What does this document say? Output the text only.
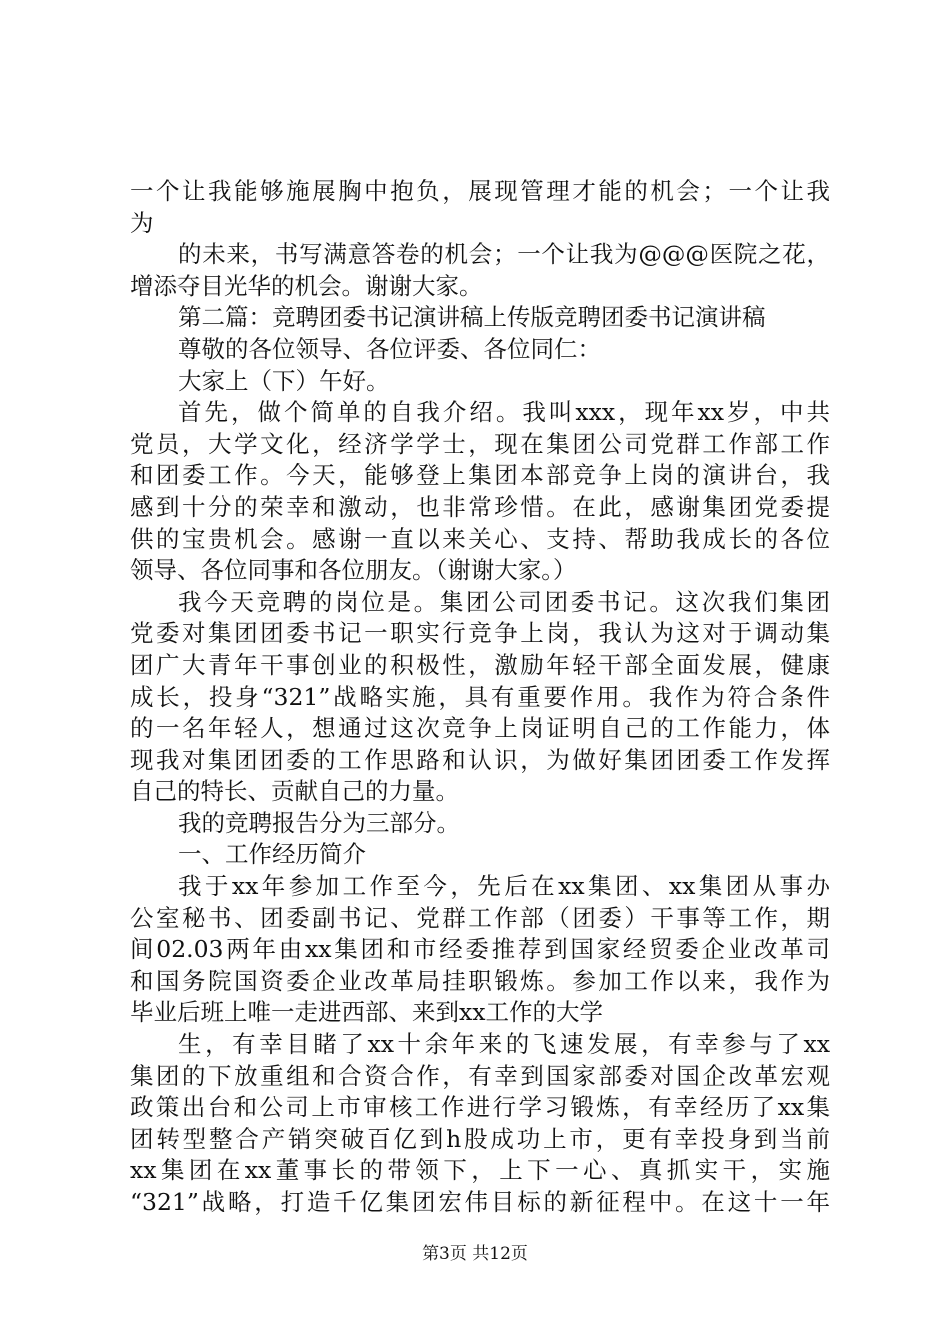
一个让我能够施展胸中抱负，展现管理才能的机会；一个让我
为
的未来，书写满意答卷的机会；一个让我为@@@医院之花，
增添夺目光华的机会。谢谢大家。
第二篇：竞聘团委书记演讲稿上传版竞聘团委书记演讲稿
尊敬的各位领导、各位评委、各位同仁：
大家上（下）午好。
首先，做个简单的自我介绍。我叫xxx，现年xx岁，中共
党员，大学文化，经济学学士，现在集团公司党群工作部工作
和团委工作。今天，能够登上集团本部竞争上岗的演讲台，我
感到十分的荣幸和激动，也非常珍惜。在此，感谢集团党委提
供的宝贵机会。感谢一直以来关心、支持、帮助我成长的各位
领导、各位同事和各位朋友。（谢谢大家。）
我今天竞聘的岗位是。集团公司团委书记。这次我们集团
党委对集团团委书记一职实行竞争上岗，我认为这对于调动集
团广大青年干事创业的积极性，激励年轻干部全面发展，健康
成长，投身“321”战略实施，具有重要作用。我作为符合条件
的一名年轻人，想通过这次竞争上岗证明自己的工作能力，体
现我对集团团委的工作思路和认识，为做好集团团委工作发挥
自己的特长、贡献自己的力量。
我的竞聘报告分为三部分。
一、工作经历简介
我于xx年参加工作至今，先后在xx集团、xx集团从事办
公室秘书、团委副书记、党群工作部（团委）干事等工作，期
间02.03两年由xx集团和市经委推荐到国家经贸委企业改革司
和国务院国资委企业改革局挂职锻炼。参加工作以来，我作为
毕业后班上唯一走进西部、来到xx工作的大学
生，有幸目睹了xx十余年来的飞速发展，有幸参与了xx
集团的下放重组和合资合作，有幸到国家部委对国企改革宏观
政策出台和公司上市审核工作进行学习锻炼，有幸经历了xx集
团转型整合产销突破百亿到h股成功上市，更有幸投身到当前
xx集团在xx董事长的带领下，上下一心、真抓实干，实施
“321”战略，打造千亿集团宏伟目标的新征程中。在这十一年
第3页 共12页
